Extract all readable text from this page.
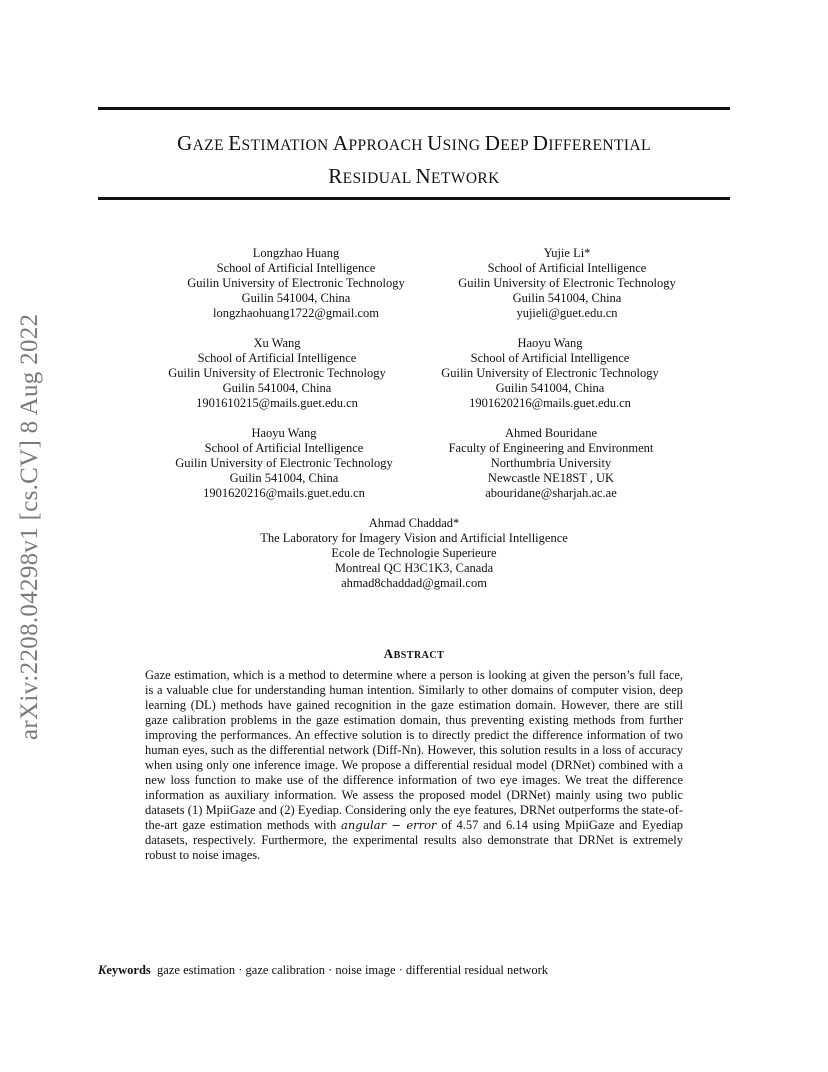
arXiv:2208.04298v1 [cs.CV] 8 Aug 2022
GAZE ESTIMATION APPROACH USING DEEP DIFFERENTIAL
RESIDUAL NETWORK
Longzhao Huang
School of Artificial Intelligence
Guilin University of Electronic Technology
Guilin 541004, China
longzhaohuang1722@gmail.com
Yujie Li*
School of Artificial Intelligence
Guilin University of Electronic Technology
Guilin 541004, China
yujieli@guet.edu.cn
Xu Wang
School of Artificial Intelligence
Guilin University of Electronic Technology
Guilin 541004, China
1901610215@mails.guet.edu.cn
Haoyu Wang
School of Artificial Intelligence
Guilin University of Electronic Technology
Guilin 541004, China
1901620216@mails.guet.edu.cn
Haoyu Wang
School of Artificial Intelligence
Guilin University of Electronic Technology
Guilin 541004, China
1901620216@mails.guet.edu.cn
Ahmed Bouridane
Faculty of Engineering and Environment
Northumbria University
Newcastle NE18ST , UK
abouridane@sharjah.ac.ae
Ahmad Chaddad*
The Laboratory for Imagery Vision and Artificial Intelligence
Ecole de Technologie Superieure
Montreal QC H3C1K3, Canada
ahmad8chaddad@gmail.com
ABSTRACT
Gaze estimation, which is a method to determine where a person is looking at given the person’s full face, is a valuable clue for understanding human intention. Similarly to other domains of computer vision, deep learning (DL) methods have gained recognition in the gaze estimation domain. However, there are still gaze calibration problems in the gaze estimation domain, thus preventing existing methods from further improving the performances. An effective solution is to directly predict the difference information of two human eyes, such as the differential network (Diff-Nn). However, this solution results in a loss of accuracy when using only one inference image. We propose a differential residual model (DRNet) combined with a new loss function to make use of the difference information of two eye images. We treat the difference information as auxiliary information. We assess the proposed model (DRNet) mainly using two public datasets (1) MpiiGaze and (2) Eyediap. Considering only the eye features, DRNet outperforms the state-of-the-art gaze estimation methods with angular − error of 4.57 and 6.14 using MpiiGaze and Eyediap datasets, respectively. Furthermore, the experimental results also demonstrate that DRNet is extremely robust to noise images.
Keywords gaze estimation · gaze calibration · noise image · differential residual network
